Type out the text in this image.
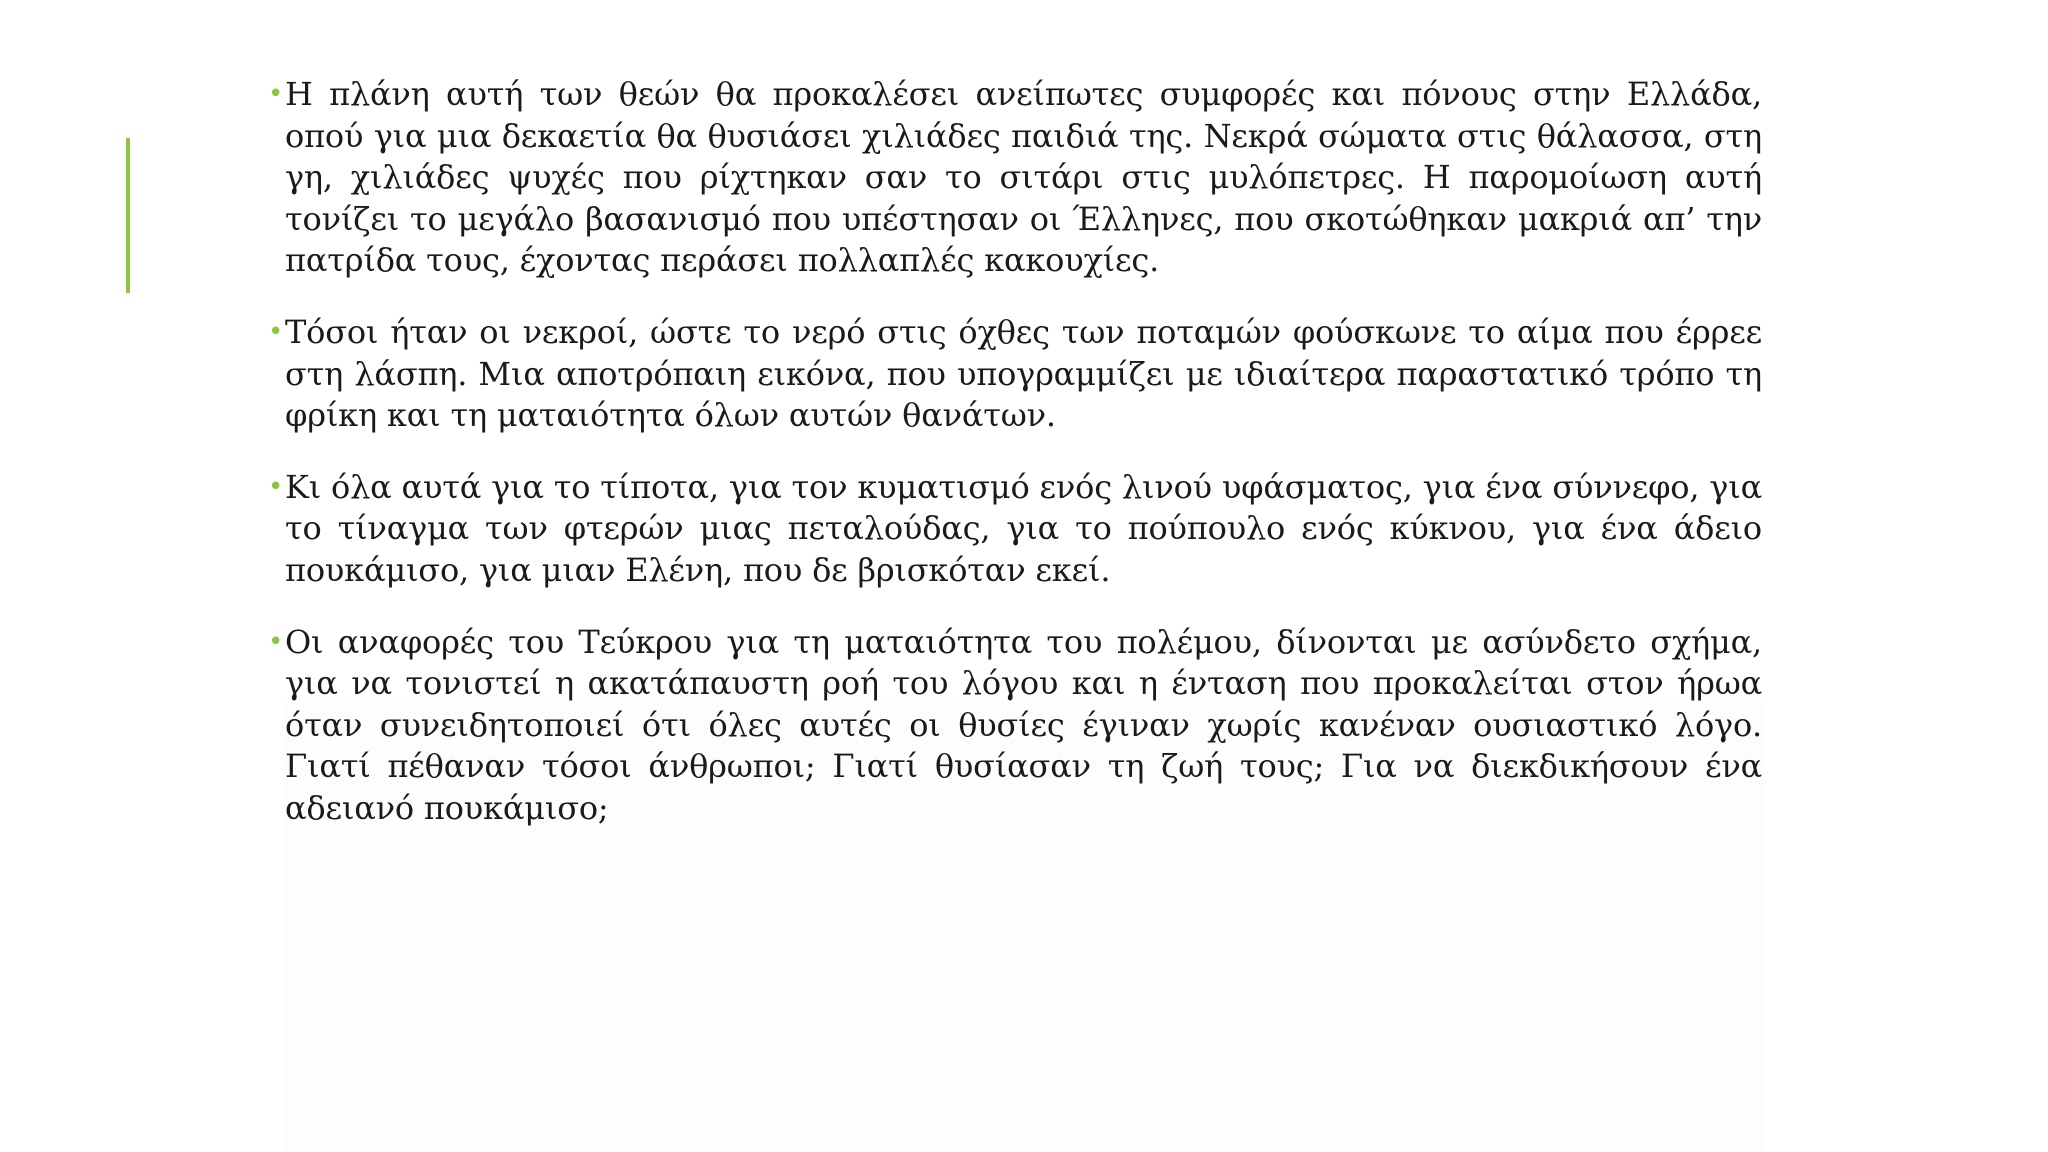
• Η πλάνη αυτή των θεών θα προκαλέσει ανείπωτες συμφορές και πόνους στην Ελλάδα, οπού για μια δεκαετία θα θυσιάσει χιλιάδες παιδιά της. Νεκρά σώματα στις θάλασσα, στη γη, χιλιάδες ψυχές που ρίχτηκαν σαν το σιτάρι στις μυλόπετρες. Η παρομοίωση αυτή τονίζει το μεγάλο βασανισμό που υπέστησαν οι Έλληνες, που σκοτώθηκαν μακριά απ’ την πατρίδα τους, έχοντας περάσει πολλαπλές κακουχίες.
• Τόσοι ήταν οι νεκροί, ώστε το νερό στις όχθες των ποταμών φούσκωνε το αίμα που έρρεε στη λάσπη. Μια αποτρόπαιη εικόνα, που υπογραμμίζει με ιδιαίτερα παραστατικό τρόπο τη φρίκη και τη ματαιότητα όλων αυτών θανάτων.
• Κι όλα αυτά για το τίποτα, για τον κυματισμό ενός λινού υφάσματος, για ένα σύννεφο, για το τίναγμα των φτερών μιας πεταλούδας, για το πούπουλο ενός κύκνου, για ένα άδειο πουκάμισο, για μιαν Ελένη, που δε βρισκόταν εκεί.
• Οι αναφορές του Τεύκρου για τη ματαιότητα του πολέμου, δίνονται με ασύνδετο σχήμα, για να τονιστεί η ακατάπαυστη ροή του λόγου και η ένταση που προκαλείται στον ήρωα όταν συνειδητοποιεί ότι όλες αυτές οι θυσίες έγιναν χωρίς κανέναν ουσιαστικό λόγο. Γιατί πέθαναν τόσοι άνθρωποι; Γιατί θυσίασαν τη ζωή τους; Για να διεκδικήσουν ένα αδειανό πουκάμισο;
